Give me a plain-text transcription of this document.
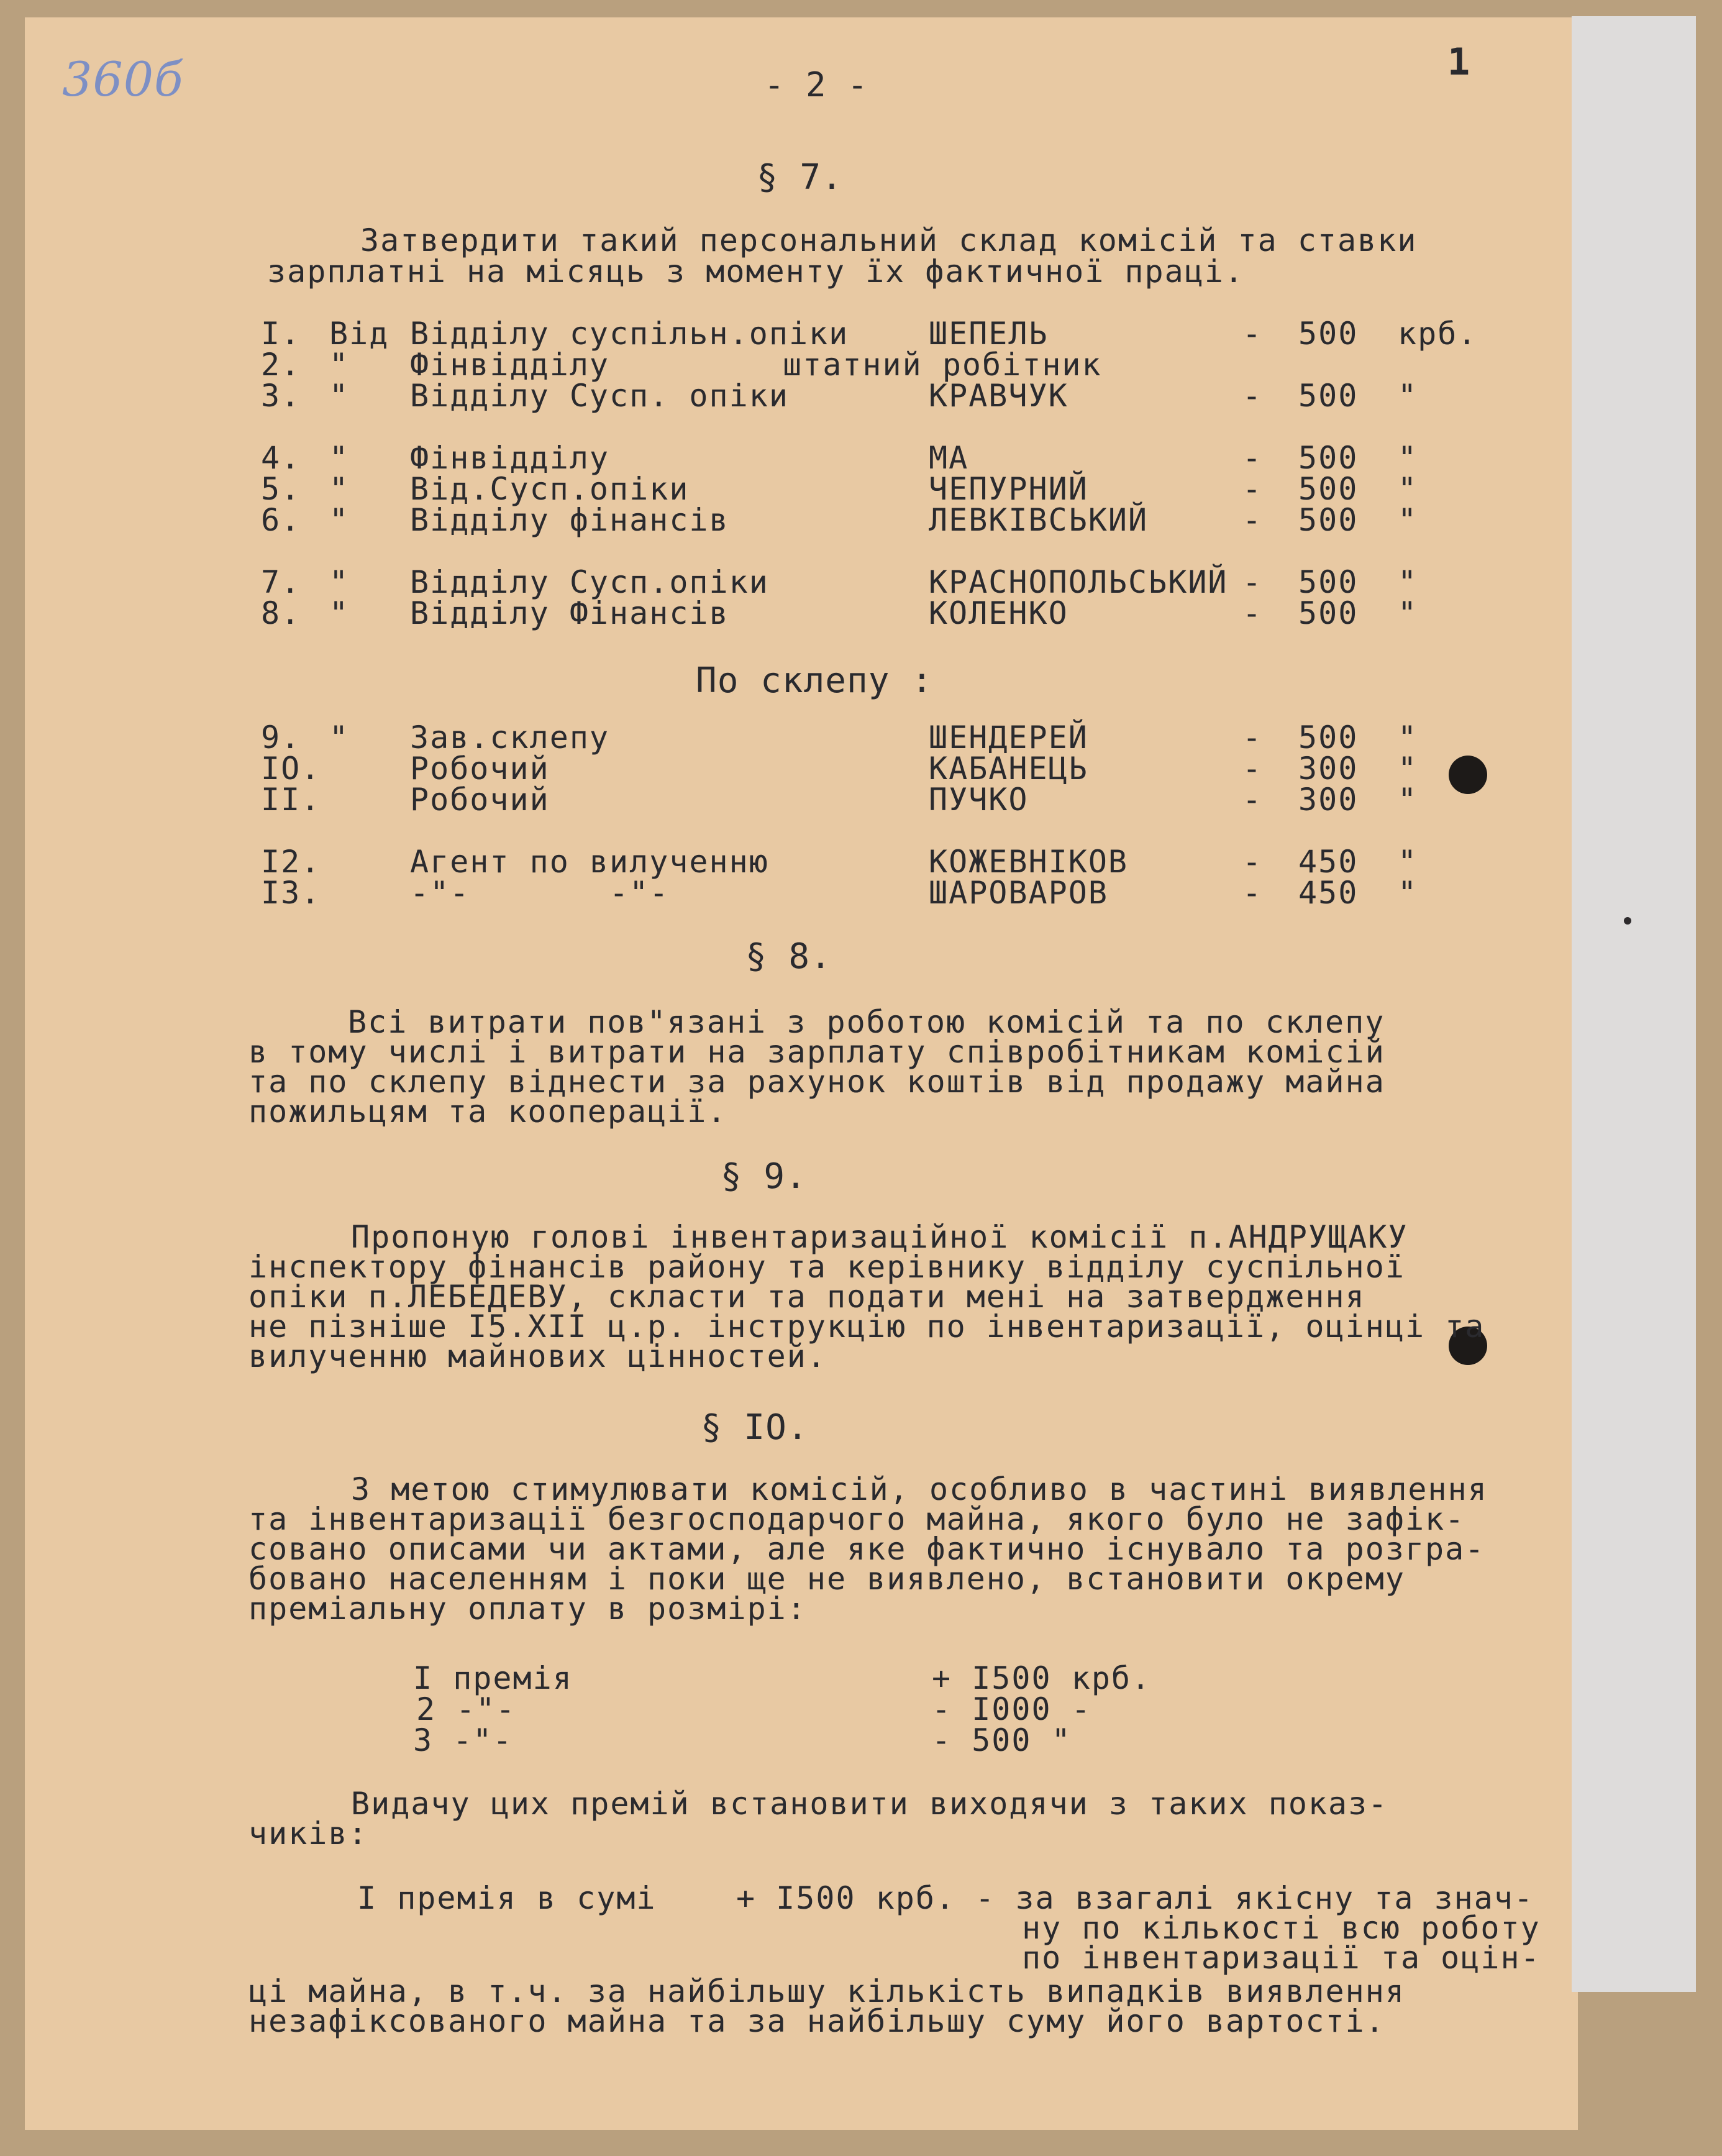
360б	- 2 -
1
§ 7.
Затвердити такий персональний склад комісій та ставки
зарплатні на місяць з моменту їх фактичної праці.
I. Від Відділу суспільн.опіки	ШЕПЕЛЬ	- 500 крб.
2. " Фінвідділу	штатний робітник
3. " Відділу Сусп. опіки	КРАВЧУК	- 500 "
4. " Фінвідділу	МА	- 500 "
5. " Від.Сусп.опіки	ЧЕПУРНИЙ	- 500 "
6. " Відділу фінансів	ЛЕВКІВСЬКИЙ	- 500 "
7. " Відділу Сусп.опіки	КРАСНОПОЛЬСЬКИЙ - 500 "
8. " Відділу Фінансів	КОЛЕНКО	- 500 "
9. " Зав.склепу	ШЕНДЕРЕЙ	- 500 "
IO.	Робочий	КАБАНЕЦЬ	- 300 "
II.	Робочий	ПУЧКО	- 300 "
I2.	Агент по вилученню	КОЖЕВНІКОВ	- 450 "
I3.	-"-       -"-	ШАРОВАРОВ	- 450 "
По склепу :
§ 8.
Всі витрати пов"язані з роботою комісій та по склепу
в тому числі і витрати на зарплату співробітникам комісій
та по склепу віднести за рахунок коштів від продажу майна
пожильцям та кооперації.
§ 9.
Пропоную голові інвентаризаційної комісії п.АНДРУЩАКУ
інспектору фінансів району та керівнику відділу суспільної
опіки п.ЛЕБЕДЕВУ, скласти та подати мені на затвердження
не пізніше І5.XII ц.р. інструкцію по інвентаризації, оцінці та
вилученню майнових цінностей.
§ IO.
З метою стимулювати комісій, особливо в частині виявлення
та інвентаризації безгосподарчого майна, якого було не зафік-
совано описами чи актами, але яке фактично існувало та розгра-
бовано населенням і поки ще не виявлено, встановити окрему
преміальну оплату в розмірі:
I премія	+ I500 крб.
2 -"-	- I000 -
3 -"-	- 500 "
Видачу цих премій встановити виходячи з таких показ-
чиків:
I премія в сумі    + I500 крб. - за взагалі якісну та знач-
ну по кількості всю роботу
по інвентаризації та оцін-
ці майна, в т.ч. за найбільшу кількість випадків виявлення
незафіксованого майна та за найбільшу суму його вартості.
